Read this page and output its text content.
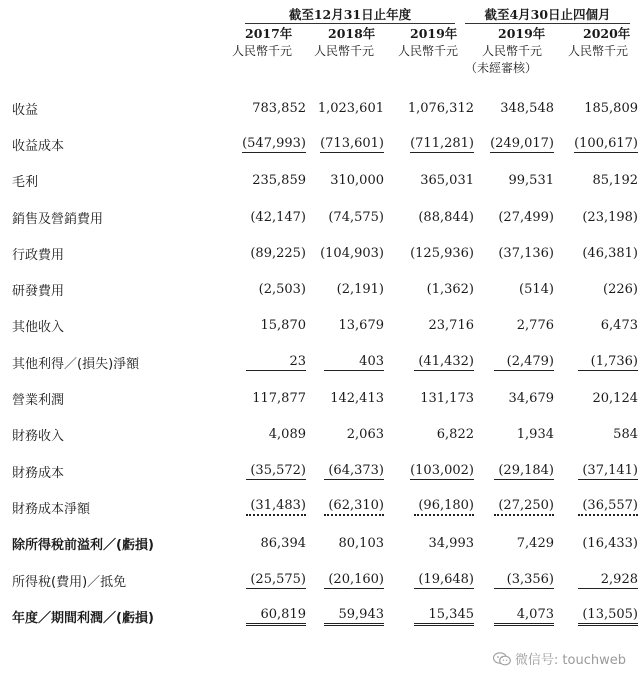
截至12月31日止年度	截至4月30日止四個月
2017年	2018年	2019年	2019年	2020年
人民幣千元	人民幣千元	人民幣千元	人民幣千元	人民幣千元
（未經審核）
收益	783,852	1,023,601	1,076,312	348,548	185,809
收益成本	(547,993)	(713,601)	(711,281)	(249,017)	(100,617)
毛利	235,859	310,000	365,031	99,531	85,192
銷售及營銷費用	(42,147)	(74,575)	(88,844)	(27,499)	(23,198)
行政費用	(89,225)	(104,903)	(125,936)	(37,136)	(46,381)
研發費用	(2,503)	(2,191)	(1,362)	(514)	(226)
其他收入	15,870	13,679	23,716	2,776	6,473
其他利得／(損失)淨額	23	403	(41,432)	(2,479)	(1,736)
營業利潤	117,877	142,413	131,173	34,679	20,124
財務收入	4,089	2,063	6,822	1,934	584
財務成本	(35,572)	(64,373)	(103,002)	(29,184)	(37,141)
財務成本淨額	(31,483)	(62,310)	(96,180)	(27,250)	(36,557)
除所得稅前溢利／(虧損)	86,394	80,103	34,993	7,429	(16,433)
所得稅(費用)／抵免	(25,575)	(20,160)	(19,648)	(3,356)	2,928
年度／期間利潤／(虧損)	60,819	59,943	15,345	4,073	(13,505)
微信号: touchweb
